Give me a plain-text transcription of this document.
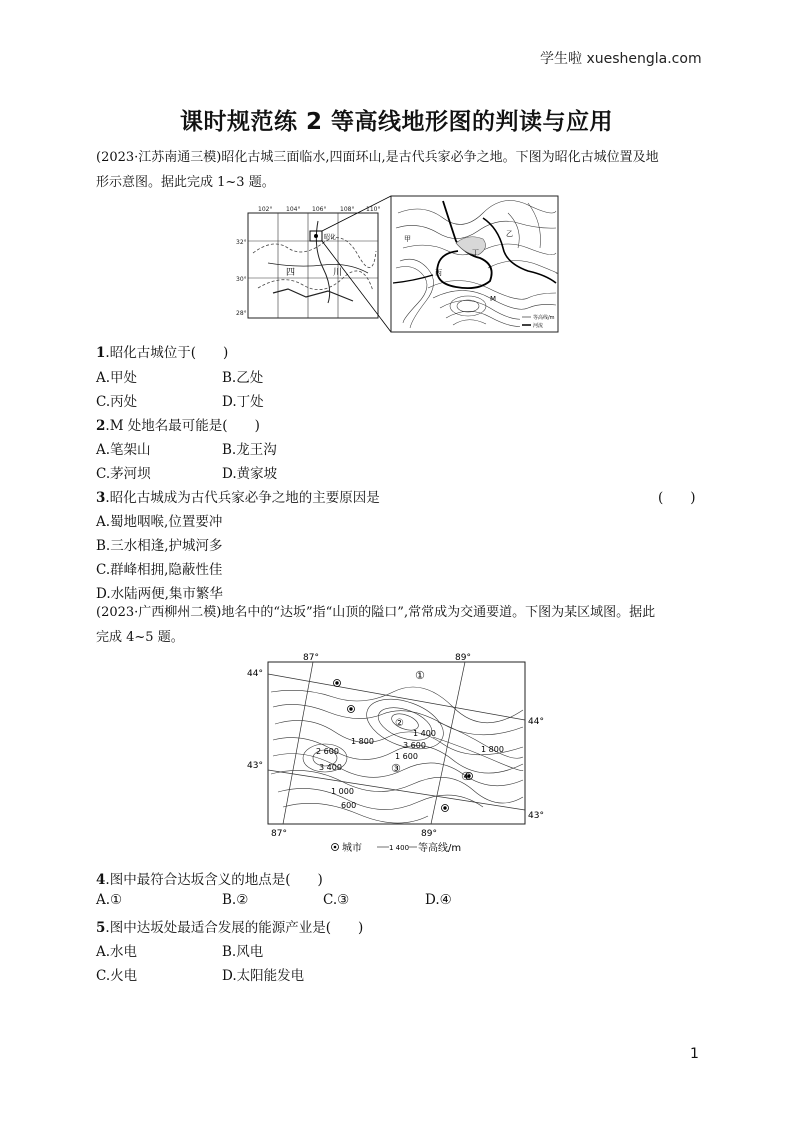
学生啦 xueshengla.com
课时规范练 2 等高线地形图的判读与应用
(2023·江苏南通三模)昭化古城三面临水,四面环山,是古代兵家必争之地。下图为昭化古城位置及地
形示意图。据此完成 1~3 题。
102° 104° 106° 108° 110°
32°
30°
28°
昭化
四	川
甲
乙
丙
丁
M
等高线/m
河流
1.昭化古城位于(　　)
A.甲处	B.乙处
C.丙处	D.丁处
2.M 处地名最可能是(　　)
A.笔架山	B.龙王沟
C.茅河坝	D.黄家坡
3.昭化古城成为古代兵家必争之地的主要原因是	(　　)
A.蜀地咽喉,位置要冲
B.三水相逢,护城河多
C.群峰相拥,隐蔽性佳
D.水陆两便,集市繁华
(2023·广西柳州二模)地名中的“达坂”指“山顶的隘口”,常常成为交通要道。下图为某区域图。据此
完成 4~5 题。
①
②
③
④
1 800
1 600
1 800
1 400
3 600
2 600
3 400
1 000
600
87°	89°
87°	89°
44°
44°
43°
43°
城市	1 400 等高线/m
4.图中最符合达坂含义的地点是(　　)
A.①	B.②	C.③	D.④
5.图中达坂处最适合发展的能源产业是(　　)
A.水电	B.风电
C.火电	D.太阳能发电
1
